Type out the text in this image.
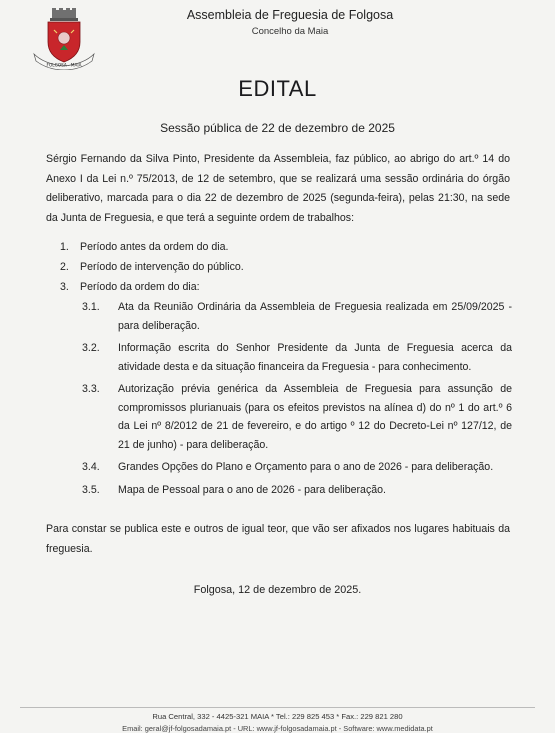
FOLGOSA - MAIA
Assembleia de Freguesia de Folgosa
Concelho da Maia
EDITAL
Sessão pública de 22 de dezembro de 2025
Sérgio Fernando da Silva Pinto, Presidente da Assembleia, faz público, ao abrigo do art.º 14 do Anexo I da Lei n.º 75/2013, de 12 de setembro, que se realizará uma sessão ordinária do órgão deliberativo, marcada para o dia 22 de dezembro de 2025 (segunda-feira), pelas 21:30, na sede da Junta de Freguesia, e que terá a seguinte ordem de trabalhos:
1.	Período antes da ordem do dia.
2.	Período de intervenção do público.
3.	Período da ordem do dia:
3.1.	Ata da Reunião Ordinária da Assembleia de Freguesia realizada em 25/09/2025 - para deliberação.
3.2.	Informação escrita do Senhor Presidente da Junta de Freguesia acerca da atividade desta e da situação financeira da Freguesia - para conhecimento.
3.3.	Autorização prévia genérica da Assembleia de Freguesia para assunção de compromissos plurianuais (para os efeitos previstos na alínea d) do nº 1 do art.º 6 da Lei nº 8/2012 de 21 de fevereiro, e do artigo º 12 do Decreto-Lei nº 127/12, de 21 de junho) - para deliberação.
3.4.	Grandes Opções do Plano e Orçamento para o ano de 2026 - para deliberação.
3.5.	Mapa de Pessoal para o ano de 2026 - para deliberação.
Para constar se publica este e outros de igual teor, que vão ser afixados nos lugares habituais da freguesia.
Folgosa, 12 de dezembro de 2025.
Rua Central, 332 - 4425-321 MAIA * Tel.: 229 825 453 * Fax.: 229 821 280
Email: geral@jf-folgosadamaia.pt - URL: www.jf-folgosadamaia.pt - Software: www.medidata.pt
